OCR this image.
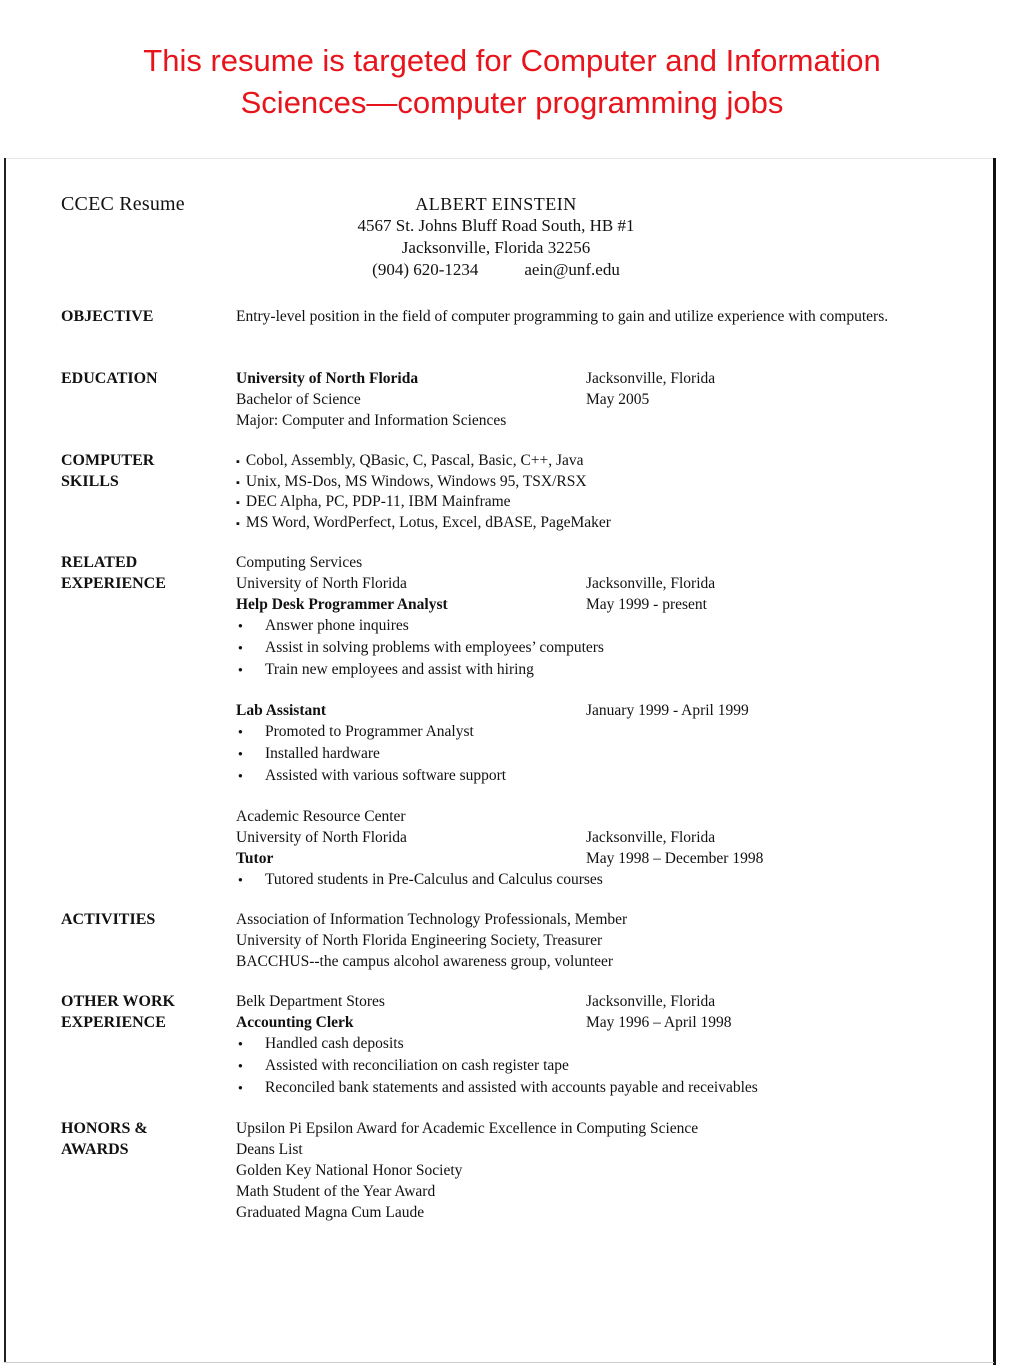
This resume is targeted for Computer and Information
Sciences—computer programming jobs
CCEC Resume	ALBERT EINSTEIN
4567 St. Johns Bluff Road South, HB #1
Jacksonville, Florida 32256
(904) 620-1234	aein@unf.edu
OBJECTIVE	Entry-level position in the field of computer programming to gain and utilize experience with computers.
EDUCATION	University of North Florida	Jacksonville, Florida
Bachelor of Science	May 2005
Major: Computer and Information Sciences
COMPUTER
SKILLS
▪ Cobol, Assembly, QBasic, C, Pascal, Basic, C++, Java
▪ Unix, MS-Dos, MS Windows, Windows 95, TSX/RSX
▪ DEC Alpha, PC, PDP-11, IBM Mainframe
▪ MS Word, WordPerfect, Lotus, Excel, dBASE, PageMaker
RELATED
EXPERIENCE
Computing Services
University of North Florida	Jacksonville, Florida
Help Desk Programmer Analyst	May 1999 - present
● Answer phone inquires
● Assist in solving problems with employees’ computers
● Train new employees and assist with hiring
Lab Assistant	January 1999 - April 1999
● Promoted to Programmer Analyst
● Installed hardware
● Assisted with various software support
Academic Resource Center
University of North Florida	Jacksonville, Florida
Tutor	May 1998 – December 1998
● Tutored students in Pre-Calculus and Calculus courses
ACTIVITIES	Association of Information Technology Professionals, Member
University of North Florida Engineering Society, Treasurer
BACCHUS--the campus alcohol awareness group, volunteer
OTHER WORK
EXPERIENCE
Belk Department Stores	Jacksonville, Florida
Accounting Clerk	May 1996 – April 1998
● Handled cash deposits
● Assisted with reconciliation on cash register tape
● Reconciled bank statements and assisted with accounts payable and receivables
HONORS &
AWARDS
Upsilon Pi Epsilon Award for Academic Excellence in Computing Science
Deans List
Golden Key National Honor Society
Math Student of the Year Award
Graduated Magna Cum Laude
